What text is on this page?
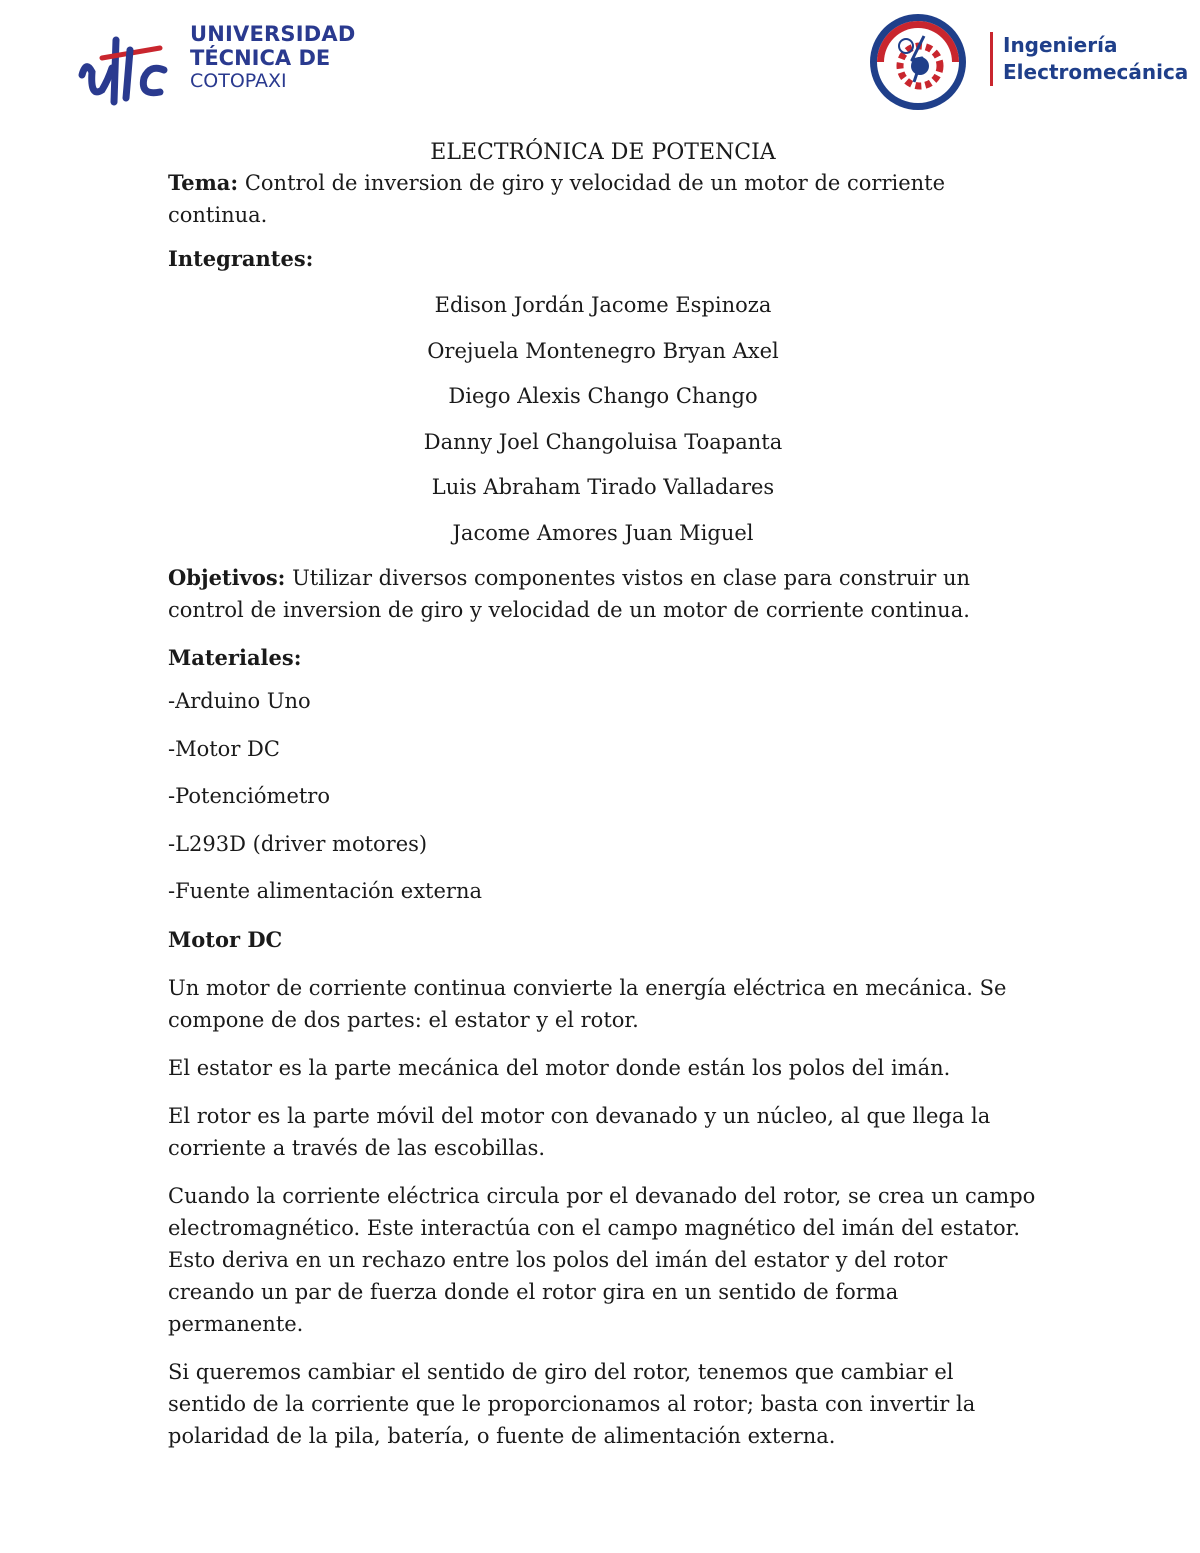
UNIVERSIDAD
TÉCNICA DE
COTOPAXI
Ingeniería
Electromecánica

ELECTRÓNICA DE POTENCIA

Tema: Control de inversion de giro y velocidad de un motor de corriente continua.

Integrantes:

Edison Jordán Jacome Espinoza

Orejuela Montenegro Bryan Axel

Diego Alexis Chango Chango

Danny Joel Changoluisa Toapanta

Luis Abraham Tirado Valladares

Jacome Amores Juan Miguel

Objetivos: Utilizar diversos componentes vistos en clase para construir un control de inversion de giro y velocidad de un motor de corriente continua.

Materiales:

-Arduino Uno

-Motor DC

-Potenciómetro

-L293D (driver motores)

-Fuente alimentación externa

Motor DC

Un motor de corriente continua convierte la energía eléctrica en mecánica. Se compone de dos partes: el estator y el rotor.

El estator es la parte mecánica del motor donde están los polos del imán.

El rotor es la parte móvil del motor con devanado y un núcleo, al que llega la corriente a través de las escobillas.

Cuando la corriente eléctrica circula por el devanado del rotor, se crea un campo electromagnético. Este interactúa con el campo magnético del imán del estator. Esto deriva en un rechazo entre los polos del imán del estator y del rotor creando un par de fuerza donde el rotor gira en un sentido de forma permanente.

Si queremos cambiar el sentido de giro del rotor, tenemos que cambiar el sentido de la corriente que le proporcionamos al rotor; basta con invertir la polaridad de la pila, batería, o fuente de alimentación externa.
